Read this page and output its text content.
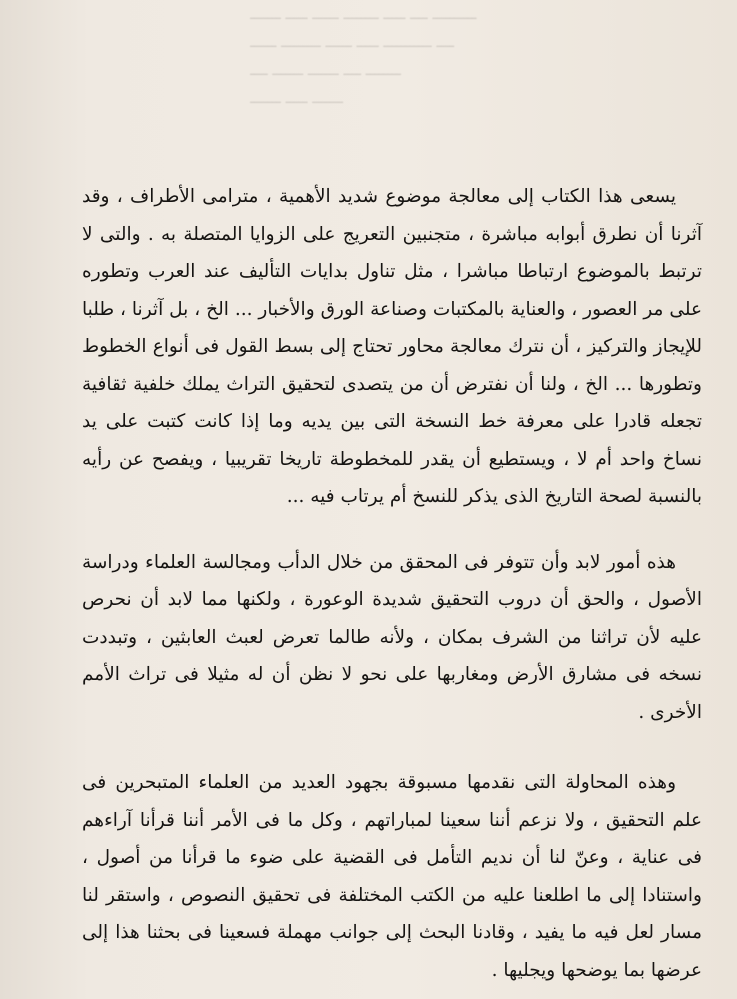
ـــــــ ـــــ ــــــ ــــــــ ـــــ ــــ ــــــــــ
ــــــ ـــــــــ ــــــ ـــــ ـــــــــــ ــــ
ــــ ـــــــ ـــــــ ــــ ــــــــ
ـــــــ ـــــ ـــــــ

يسعى هذا الكتاب إلى معالجة موضوع شديد الأهمية ، مترامى الأطراف ، وقد آثرنا أن نطرق أبوابه مباشرة ، متجنبين التعريج على الزوايا المتصلة به . والتى لا ترتبط بالموضوع ارتباطا مباشرا ، مثل تناول بدايات التأليف عند العرب وتطوره على مر العصور ، والعناية بالمكتبات وصناعة الورق والأخبار ... الخ ، بل آثرنا ، طلبا للإيجاز والتركيز ، أن نترك معالجة محاور تحتاج إلى بسط القول فى أنواع الخطوط وتطورها ... الخ ، ولنا أن نفترض أن من يتصدى لتحقيق التراث يملك خلفية ثقافية تجعله قادرا على معرفة خط النسخة التى بين يديه وما إذا كانت كتبت على يد نساخ واحد أم لا ، ويستطيع أن يقدر للمخطوطة تاريخا تقريبيا ، ويفصح عن رأيه بالنسبة لصحة التاريخ الذى يذكر للنسخ أم يرتاب فيه ...

هذه أمور لابد وأن تتوفر فى المحقق من خلال الدأب ومجالسة العلماء ودراسة الأصول ، والحق أن دروب التحقيق شديدة الوعورة ، ولكنها مما لابد أن نحرص عليه لأن تراثنا من الشرف بمكان ، ولأنه طالما تعرض لعبث العابثين ، وتبددت نسخه فى مشارق الأرض ومغاربها على نحو لا نظن أن له مثيلا فى تراث الأمم الأخرى .

وهذه المحاولة التى نقدمها مسبوقة بجهود العديد من العلماء المتبحرين فى علم التحقيق ، ولا نزعم أننا سعينا لمباراتهم ، وكل ما فى الأمر أننا قرأنا آراءهم فى عناية ، وعنّ لنا أن نديم التأمل فى القضية على ضوء ما قرأنا من أصول ، واستنادا إلى ما اطلعنا عليه من الكتب المختلفة فى تحقيق النصوص ، واستقر لنا مسار لعل فيه ما يفيد ، وقادنا البحث إلى جوانب مهملة فسعينا فى بحثنا هذا إلى عرضها بما يوضحها ويجليها .
